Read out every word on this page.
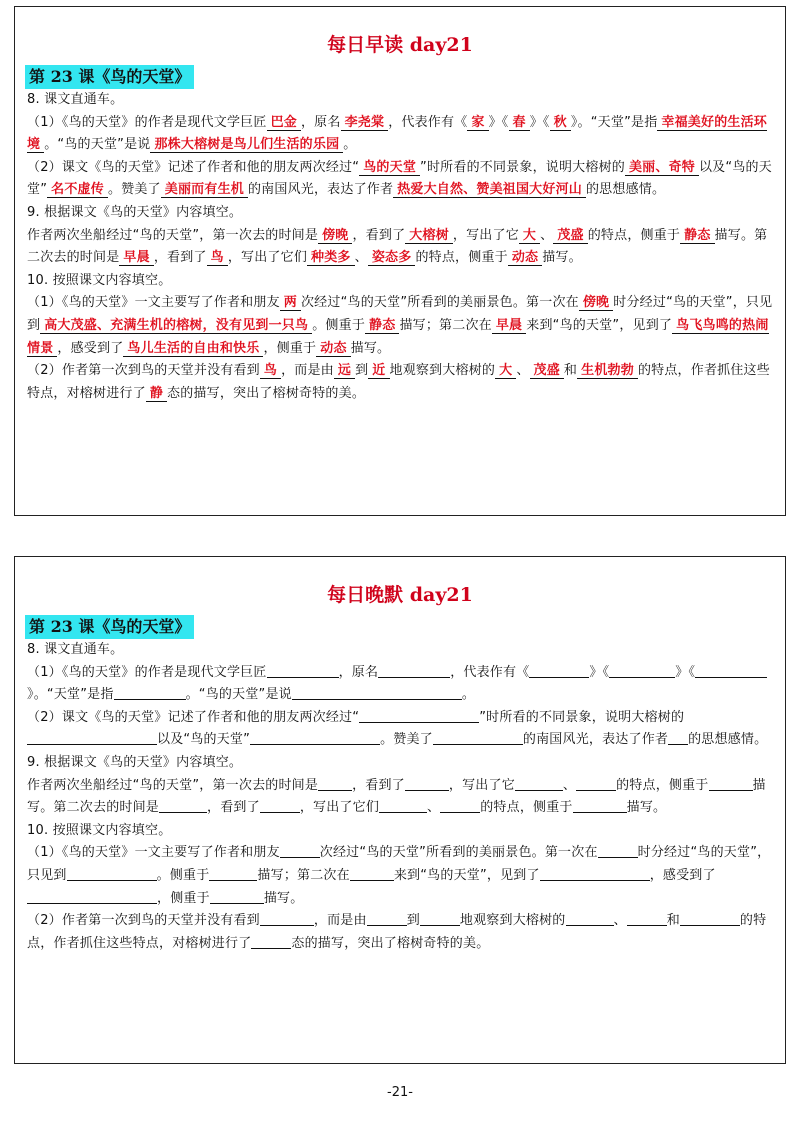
每日早读 day21
第 23 课《鸟的天堂》

8. 课文直通车。

（1）《鸟的天堂》的作者是现代文学巨匠 巴金 ，原名 李尧棠 ，代表作有《 家 》《 春 》《 秋 》。“天堂”是指 幸福美好的生活环境 。“鸟的天堂”是说 那株大榕树是鸟儿们生活的乐园 。

（2）课文《鸟的天堂》记述了作者和他的朋友两次经过“ 鸟的天堂 ”时所看的不同景象，说明大榕树的 美丽、奇特 以及“鸟的天堂” 名不虚传 。赞美了 美丽而有生机 的南国风光，表达了作者 热爱大自然、赞美祖国大好河山 的思想感情。

9. 根据课文《鸟的天堂》内容填空。

作者两次坐船经过“鸟的天堂”，第一次去的时间是 傍晚 ，看到了 大榕树 ，写出了它 大 、 茂盛 的特点，侧重于 静态 描写。第二次去的时间是 早晨 ，看到了 鸟 ，写出了它们 种类多 、 姿态多 的特点，侧重于 动态 描写。

10. 按照课文内容填空。

（1）《鸟的天堂》一文主要写了作者和朋友 两 次经过“鸟的天堂”所看到的美丽景色。第一次在 傍晚 时分经过“鸟的天堂”，只见到 高大茂盛、充满生机的榕树，没有见到一只鸟 。侧重于 静态 描写；第二次在 早晨 来到“鸟的天堂”，见到了 鸟飞鸟鸣的热闹情景 ，感受到了 鸟儿生活的自由和快乐 ，侧重于 动态 描写。

（2）作者第一次到鸟的天堂并没有看到 鸟 ，而是由 远 到 近 地观察到大榕树的 大 、 茂盛 和 生机勃勃 的特点，作者抓住这些特点，对榕树进行了 静 态的描写，突出了榕树奇特的美。

每日晚默 day21
第 23 课《鸟的天堂》

8. 课文直通车。

（1）《鸟的天堂》的作者是现代文学巨匠	，原名	，代表作有《	》《	》《》。“天堂”是指	。“鸟的天堂”是说	。

（2）课文《鸟的天堂》记述了作者和他的朋友两次经过“	”时所看的不同景象，说明大榕树的以及“鸟的天堂”	。赞美了	的南国风光，表达了作者 的思想感情。

9. 根据课文《鸟的天堂》内容填空。

作者两次坐船经过“鸟的天堂”，第一次去的时间是	，看到了	，写出了它	、	的特点，侧重于	描写。第二次去的时间是	，看到了	，写出了它们	、	的特点，侧重于	描写。

10. 按照课文内容填空。

（1）《鸟的天堂》一文主要写了作者和朋友	次经过“鸟的天堂”所看到的美丽景色。第一次在	时分经过“鸟的天堂”，只见到	。侧重于	描写；第二次在	来到“鸟的天堂”，见到了	，感受到了，侧重于	描写。

（2）作者第一次到鸟的天堂并没有看到	，而是由	到	地观察到大榕树的	、	和	的特点，作者抓住这些特点，对榕树进行了	态的描写，突出了榕树奇特的美。

-21-
